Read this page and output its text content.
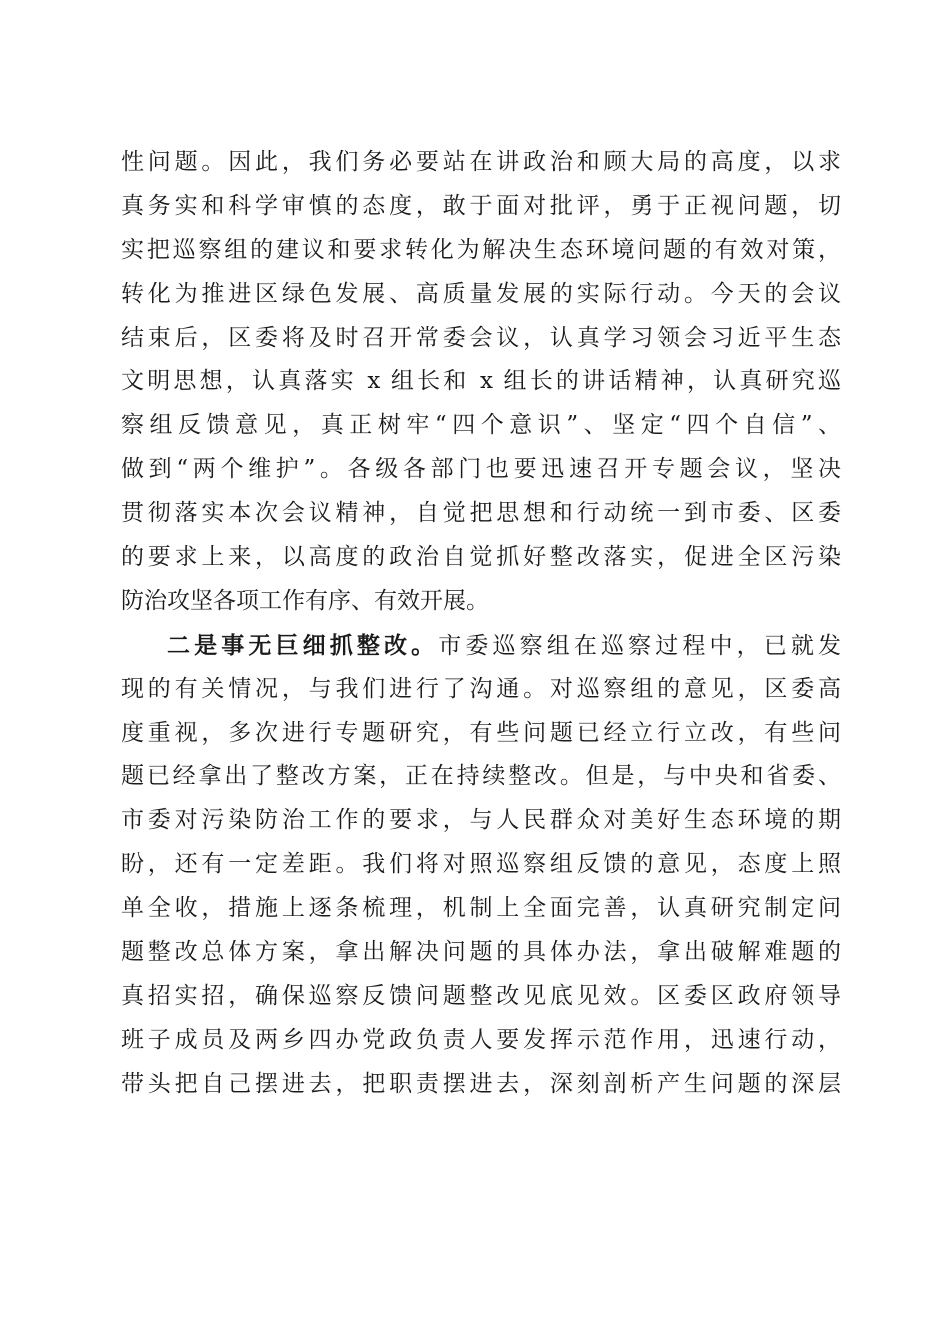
性问题。因此，我们务必要站在讲政治和顾大局的高度，以求
真务实和科学审慎的态度，敢于面对批评，勇于正视问题，切
实把巡察组的建议和要求转化为解决生态环境问题的有效对策，
转化为推进区绿色发展、高质量发展的实际行动。今天的会议
结束后，区委将及时召开常委会议，认真学习领会习近平生态
文明思想，认真落实 x 组长和 x 组长的讲话精神，认真研究巡
察组反馈意见，真正树牢“四个意识”、坚定“四个自信”、
做到“两个维护”。各级各部门也要迅速召开专题会议，坚决
贯彻落实本次会议精神，自觉把思想和行动统一到市委、区委
的要求上来，以高度的政治自觉抓好整改落实，促进全区污染
防治攻坚各项工作有序、有效开展。
二是事无巨细抓整改。市委巡察组在巡察过程中，已就发
现的有关情况，与我们进行了沟通。对巡察组的意见，区委高
度重视，多次进行专题研究，有些问题已经立行立改，有些问
题已经拿出了整改方案，正在持续整改。但是，与中央和省委、
市委对污染防治工作的要求，与人民群众对美好生态环境的期
盼，还有一定差距。我们将对照巡察组反馈的意见，态度上照
单全收，措施上逐条梳理，机制上全面完善，认真研究制定问
题整改总体方案，拿出解决问题的具体办法，拿出破解难题的
真招实招，确保巡察反馈问题整改见底见效。区委区政府领导
班子成员及两乡四办党政负责人要发挥示范作用，迅速行动，
带头把自己摆进去，把职责摆进去，深刻剖析产生问题的深层
